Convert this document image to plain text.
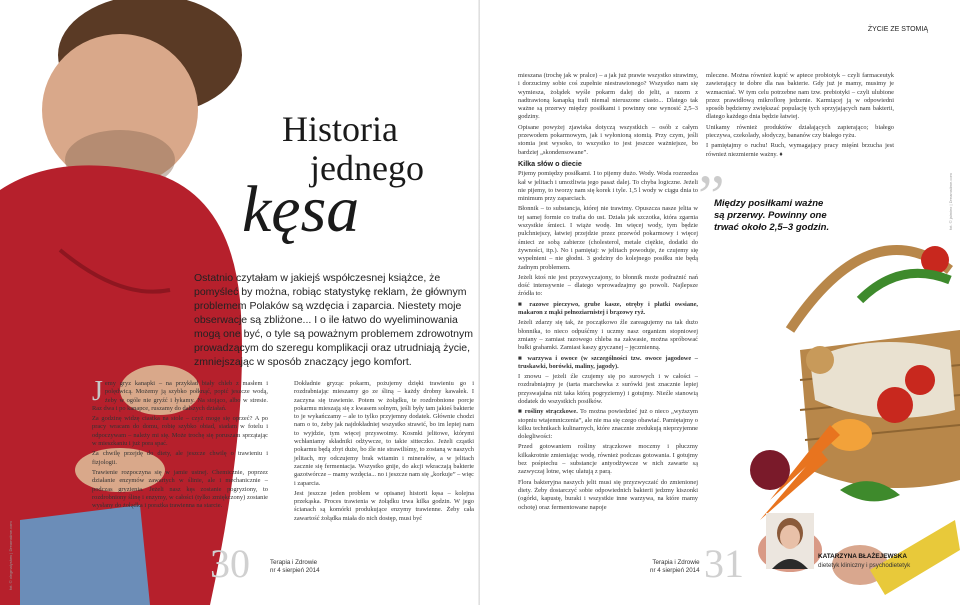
Historia
jednego
kęsa

Ostatnio czytałam w jakiejś współczesnej książce, że pomyśleć by można, robiąc statystykę reklam, że głównym problemem Polaków są wzdęcia i zaparcia. Niestety moje obserwacje są zbliżone... I o ile łatwo do wyeliminowania mogą one być, o tyle są poważnym problemem zdrowotnym prowadzącym do szeregu komplikacji oraz utrudniają życie, zmniejszając w sposób znaczący jego komfort.

Jemy gryz kanapki – na przykład biały chleb z masłem i polędwicą. Możemy ją szybko połknąć, popić jeszcze wodą, żeby w ogóle nie gryźć i łykamy. Na stojąco, albo w stresie. Raz dwa i po kanapce, ruszamy do dalszych działań.

Za godzinę widzę ciastka na stole – czyż mogę się oprzeć? A po pracy wracam do domu, robię szybko obiad, siadam w fotelu i odpoczywam – należy mi się. Może trochę się poruszam sprzątając w mieszkaniu i już pora spać.

Za chwilę przejdę do diety, ale jeszcze chwilę o trawieniu i fizjologii.

Trawienie rozpoczyna się w jamie ustnej. Chemicznie, poprzez działanie enzymów zawartych w ślinie, ale i mechanicznie – podczas gryzienia. Jeżeli nasz kęs zostanie pogryziony, to rozdrobniony ślinę i enzymy, w całości (tylko zmiękczony) zostanie wysłany do żołądka i porażka trawienna na starcie.

Dokładnie gryząc pokarm, pożujemy dzięki trawieniu go i rozdrabniając mieszamy go ze śliną – każdy drobny kawałek. I zaczyna się trawienie. Potem w żołądku, te rozdrobnione porcje pokarmu mieszają się z kwasem solnym, jeśli były tam jakieś bakterie to je wykańczamy – ale to tylko przyjemny dodatek. Głównie chodzi nam o to, żeby jak najdokładniej wszystko strawić, bo im lepiej nam to wyjdzie, tym więcej przyswoimy. Kosmki jelitowe, którymi wchłaniamy składniki odżywcze, to takie sitteczko. Jeżeli cząstki pokarmu będą zbyt duże, bo źle nie strawiliśmy, to zostaną w naszych jelitach, my odczujemy brak witamin i minerałów, a w jelitach zacznie się fermentacja. Wszystko gnije, do akcji wkraczają bakterie gazotwórcze – mamy wzdęcia... no i jeszcze nam się „korkuje” – więc i zaparcia.

Jest jeszcze jeden problem w opisanej historii kęsa – kolejna przekąska. Proces trawienia w żołądku trwa kilka godzin. W jego ścianach są komórki produkujące enzymy trawienne. Żeby cała zawartość żołądka miała do nich dostęp, musi być

30	Terapia i Zdrowie
nr 4 sierpień 2014
fot. © olegmalyshev | Dreamstime.com
ŻYCIE ZE STOMIĄ

mieszana (trochę jak w pralce) – a jak już prawie wszystko strawimy, i dorzucimy sobie coś zupełnie niestrawionego? Wszystko nam się wymiesza, żołądek wyśle pokarm dalej do jelit, a razem z nadtrawioną kanapką trafi niemal nieruszone ciasto... Dlatego tak ważne są przerwy między posiłkami i powinny one wynosić 2,5–3 godziny.

Opisane powyżej zjawiska dotyczą wszystkich – osób z całym przewodem pokarmowym, jak i wyłonioną stomią. Przy czym, jeśli stomia jest wysoko, to wszystko to jest jeszcze ważniejsze, bo bardziej „skondensowane”.

Kilka słów o diecie

Pijemy pomiędzy posiłkami. I to pijemy dużo. Wody. Woda rozrzedza kał w jelitach i umożliwia jego pasaż dalej. To chyba logiczne. Jeżeli nie pijemy, to tworzy nam się korek i tyle. 1,5 l wody w ciągu dnia to minimum przy zaparciach.

Błonnik – to substancja, której nie trawimy. Opuszcza nasze jelita w tej samej formie co trafia do ust. Działa jak szczotka, która zgarnia wszystkie śmieci. I wiąże wodę. Im więcej wody, tym będzie pulchniejszy, łatwiej przejdzie przez przewód pokarmowy i więcej śmieci ze sobą zabierze (cholesterol, metale ciężkie, dodatki do żywności, itp.). No i pamiętaj: w jelitach powoduje, że czujemy się wypełnieni – nie głodni. 3 godziny do kolejnego posiłku nie będą żadnym problemem.

Jeżeli ktoś nie jest przyzwyczajony, to błonnik może podrażnić nań dość intensywnie – dlatego wprowadzajmy go powoli. Najlepsze źródła to:

■ razowe pieczywo, grube kasze, otręby i płatki owsiane, makaron z mąki pełnoziarnistej i brązowy ryż.

Jeżeli zdarzy się tak, że początkowo źle zareagujemy na tak dużo błonnika, to nieco odpuśćmy i uczmy nasz organizm stopniowej zmiany – zamiast razowego chleba na zakwasie, można spróbować bułki grahamki. Zamiast kaszy gryczanej – jęczmienną.

■ warzywa i owoce (w szczególności tzw. owoce jagodowe – truskawki, borówki, maliny, jagody).

I znowu – jeżeli źle czujemy się po surowych i w całości – rozdrabniajmy je (tarta marchewka z surówki jest znacznie lepiej przyswajalna niż taka którą pogryziemy) i gotujmy. Nieźle stanowią dodatek do wszystkich posiłków.

■ rośliny strączkowe. To można powiedzieć już o nieco „wyższym stopniu wtajemniczenia”, ale nie ma się czego obawiać. Pamiętajmy o kilku technikach kulinarnych, które znacznie zredukują nieprzyjemne dolegliwości:

Przed gotowaniem rośliny strączkowe moczmy i płuczmy kilkakrotnie zmieniając wodę, również podczas gotowania. I gotujmy bez pośpiechu – substancje antyodżywcze w nich zawarte są zazwyczaj lotne, więc ulatują z parą.

Flora bakteryjna naszych jelit musi się przyzwyczaić do zmienionej diety. Żeby dostarczyć sobie odpowiednich bakterii jedzmy kiszonki (ogórki, kapustę, buraki i wszystkie inne warzywa, na które mamy ochotę) oraz fermentowane napoje

mleczne. Można również kupić w aptece probiotyk – czyli farmaceutyk zawierający te dobre dla nas bakterie. Gdy już je mamy, musimy je wzmacniać. W tym celu potrzebne nam tzw. prebiotyki – czyli ulubione przez prawidłową mikroflorę jedzenie. Karmiącej ją w odpowiedni sposób będziemy zwiększać populację tych sprzyjających nam bakterii, dlatego każdego dnia będzie łatwiej.

Unikamy również produktów działających zapierająco; białego pieczywa, czekolady, słodyczy, bananów czy białego ryżu.

I pamiętajmy o ruchu! Ruch, wymagający pracy mięśni brzucha jest również niezmiernie ważny. ♦

”
Między posiłkami ważne są przerwy. Powinny one trwać około 2,5–3 godzin.
31
Terapia i Zdrowie
nr 4 sierpień 2014
KATARZYNA BŁAŻEJEWSKA
dietetyk kliniczny i psychodietetyk
fot. © jaimieo | Dreamstime.com
